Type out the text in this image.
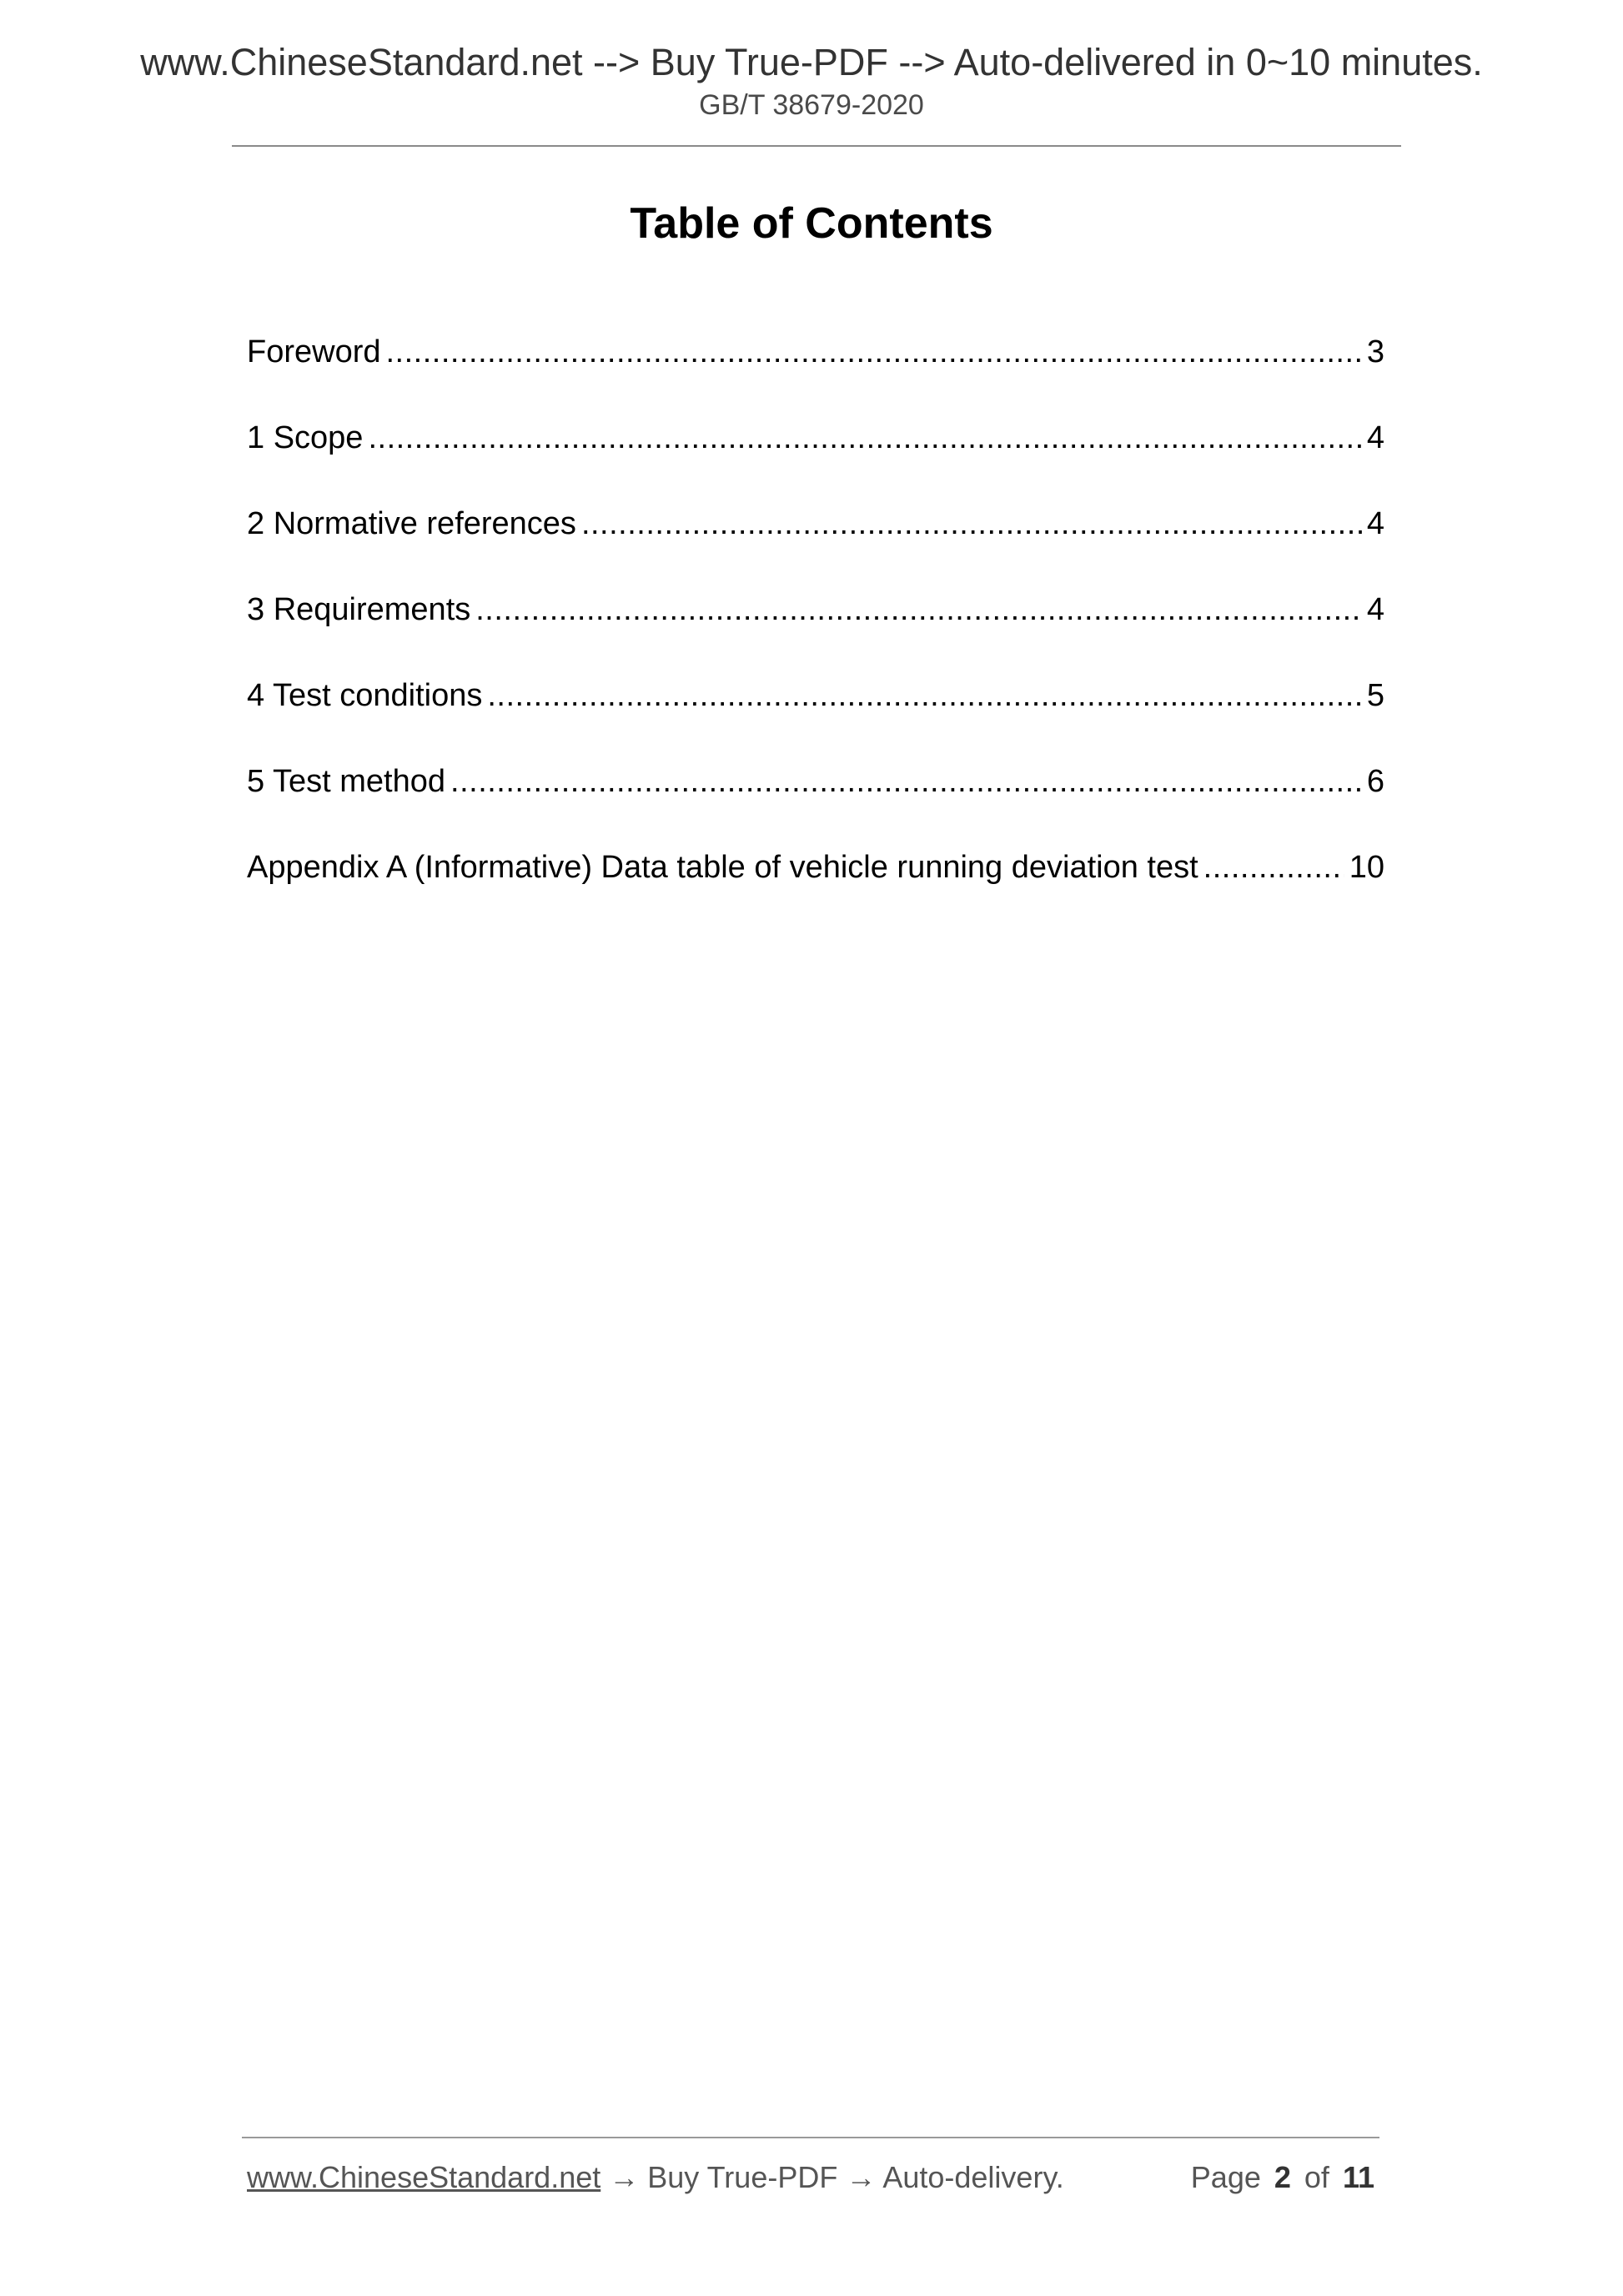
www.ChineseStandard.net --> Buy True-PDF --> Auto-delivered in 0~10 minutes.
GB/T 38679-2020
Table of Contents
Foreword .....	3
1 Scope .....	4
2 Normative references .....	4
3 Requirements .....	4
4 Test conditions .....	5
5 Test method .....	6
Appendix A (Informative) Data table of vehicle running deviation test .....	10
www.ChineseStandard.net → Buy True-PDF → Auto-delivery.	Page 2 of 11
